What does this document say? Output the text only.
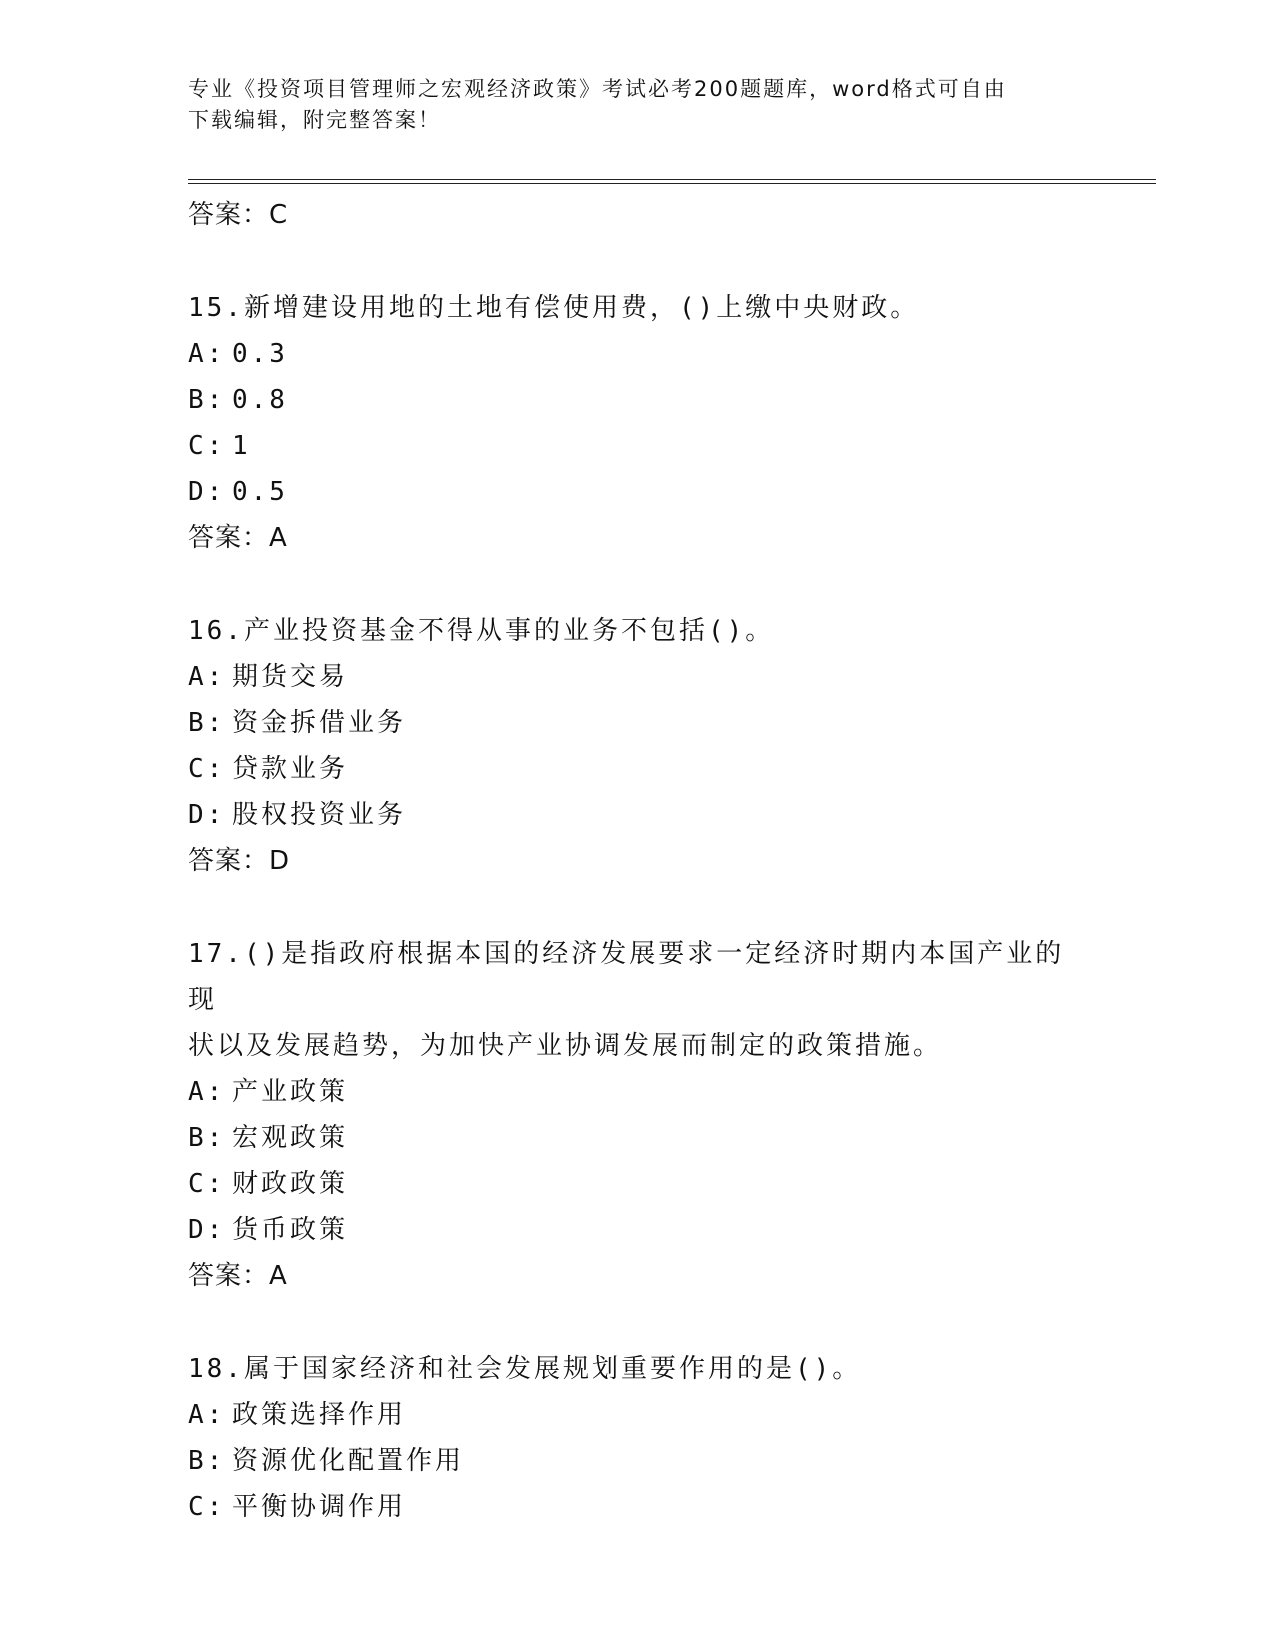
专业《投资项目管理师之宏观经济政策》考试必考200题题库，word格式可自由

下载编辑，附完整答案！

答案：C

15.新增建设用地的土地有偿使用费，()上缴中央财政。

A: 0.3
B: 0.8
C: 1
D: 0.5
答案：A

16.产业投资基金不得从事的业务不包括()。

A: 期货交易
B: 资金拆借业务
C: 贷款业务
D: 股权投资业务
答案：D

17.()是指政府根据本国的经济发展要求一定经济时期内本国产业的现

状以及发展趋势，为加快产业协调发展而制定的政策措施。

A: 产业政策
B: 宏观政策
C: 财政政策
D: 货币政策
答案：A

18.属于国家经济和社会发展规划重要作用的是()。

A: 政策选择作用
B: 资源优化配置作用
C: 平衡协调作用
